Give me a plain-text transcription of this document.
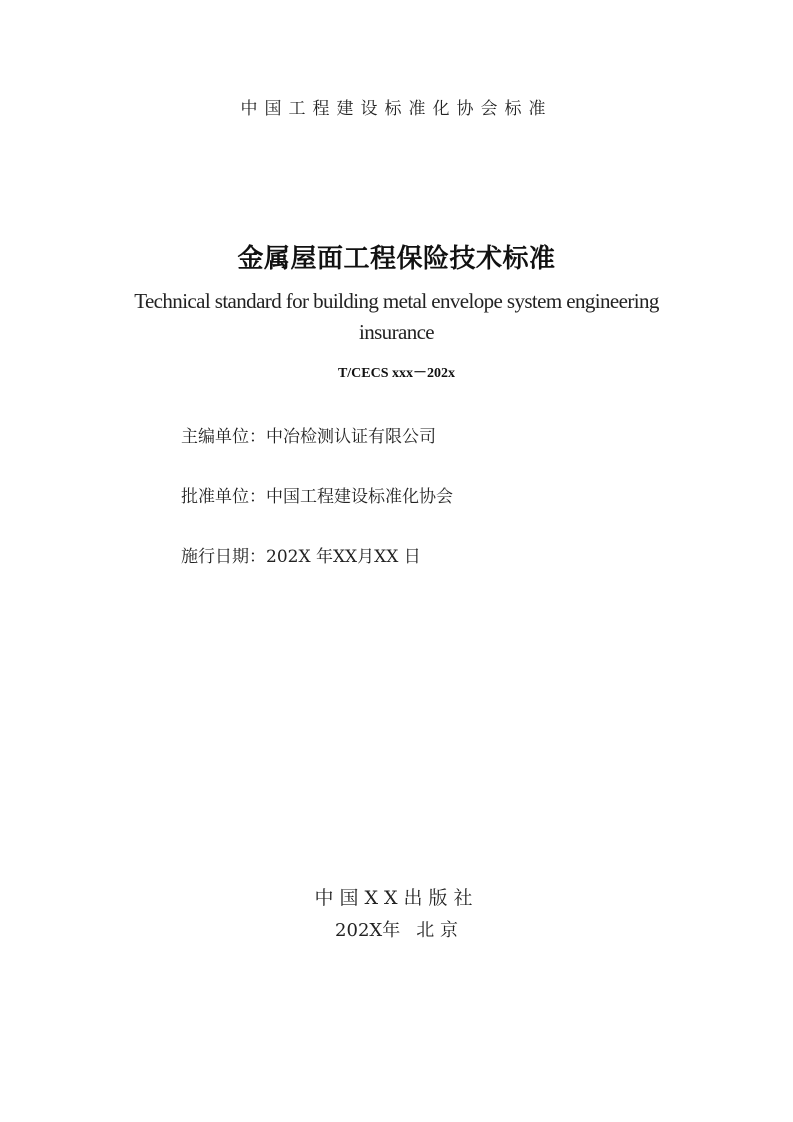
中国工程建设标准化协会标准
金属屋面工程保险技术标准
Technical standard for building metal envelope system engineering
insurance
T/CECS xxx－202x
主编单位：中冶检测认证有限公司
批准单位：中国工程建设标准化协会
施行日期：202X 年XX月XX 日
中国XX出版社
202X年 北 京
